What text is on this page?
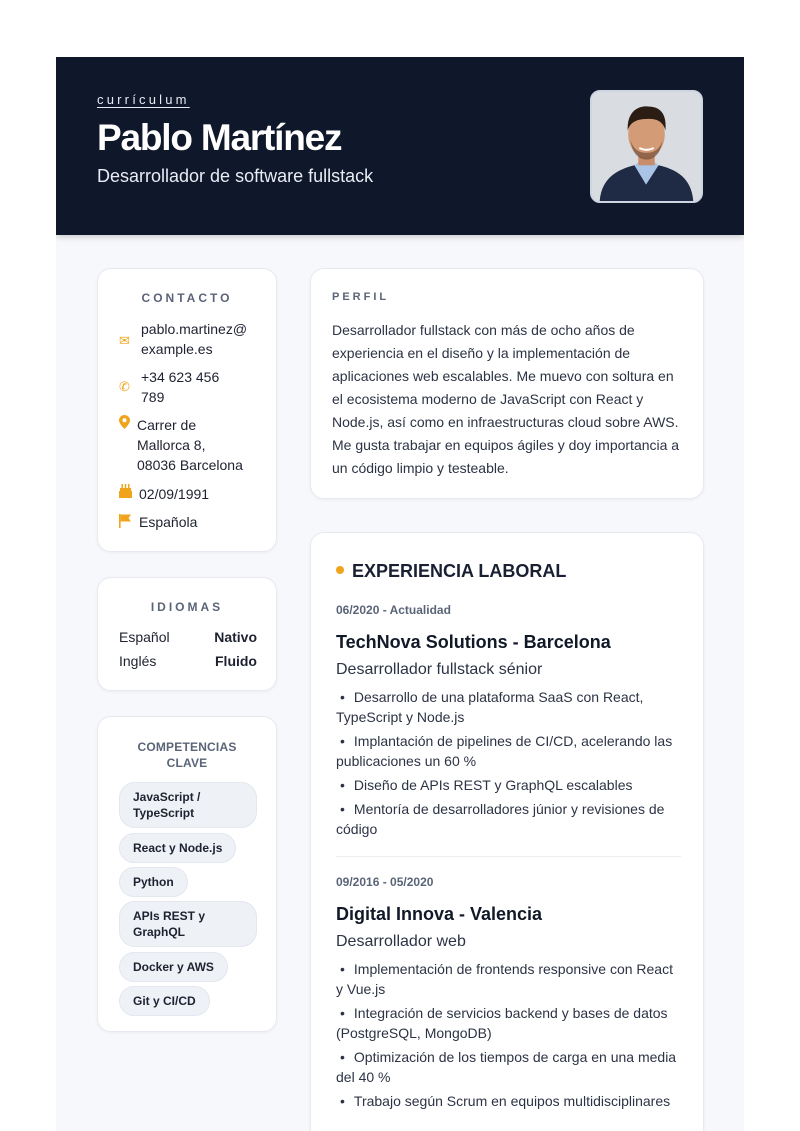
currículum
Pablo Martínez
Desarrollador de software fullstack
CONTACTO
✉
pablo.martinez@
example.es
✆
+34 623 456
789
Carrer de
Mallorca 8,
08036 Barcelona
02/09/1991
Española
IDIOMAS
Español	Nativo
Inglés	Fluido
COMPETENCIAS CLAVE
JavaScript / TypeScript
React y Node.js
Python
APIs REST y GraphQL
Docker y AWS
Git y CI/CD
PERFIL
Desarrollador fullstack con más de ocho años de experiencia en el diseño y la implementación de aplicaciones web escalables. Me muevo con soltura en el ecosistema moderno de JavaScript con React y Node.js, así como en infraestructuras cloud sobre AWS. Me gusta trabajar en equipos ágiles y doy importancia a un código limpio y testeable.
EXPERIENCIA LABORAL
06/2020 - Actualidad
TechNova Solutions - Barcelona
Desarrollador fullstack sénior
• Desarrollo de una plataforma SaaS con React, TypeScript y Node.js
• Implantación de pipelines de CI/CD, acelerando las publicaciones un 60 %
• Diseño de APIs REST y GraphQL escalables
• Mentoría de desarrolladores júnior y revisiones de código
09/2016 - 05/2020
Digital Innova - Valencia
Desarrollador web
• Implementación de frontends responsive con React y Vue.js
• Integración de servicios backend y bases de datos (PostgreSQL, MongoDB)
• Optimización de los tiempos de carga en una media del 40 %
• Trabajo según Scrum en equipos multidisciplinares
